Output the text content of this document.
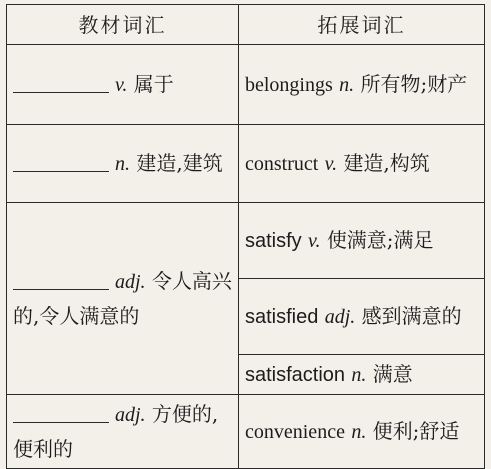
教材词汇	拓展词汇
v. 属于	belongings n. 所有物;财产
n. 建造,建筑	construct v. 建造,构筑
adj. 令人高兴的,令人满意的	satisfy v. 使满意;满足
	satisfied adj. 感到满意的
	satisfaction n. 满意
adj. 方便的,便利的	convenience n. 便利;舒适
